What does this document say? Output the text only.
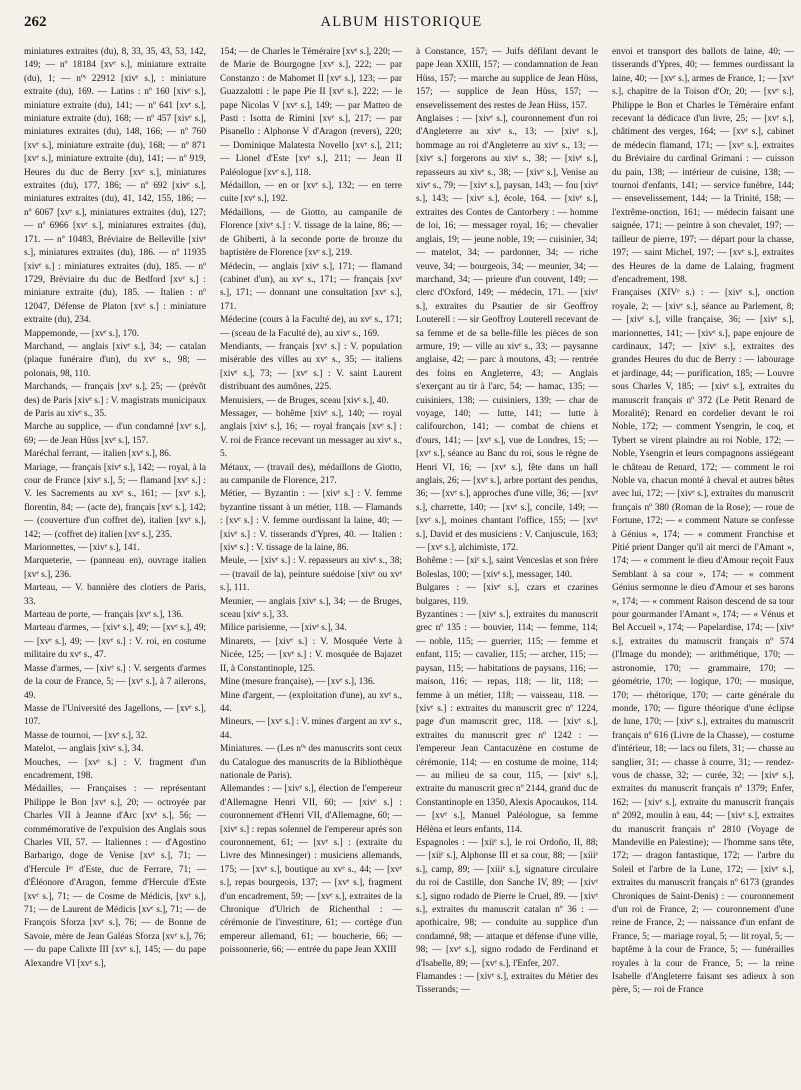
262	ALBUM HISTORIQUE

miniatures extraites (du), 8, 33, 35, 43, 53, 142, 149; — nº 18184 [xvᵉ s.], miniature extraite (du), 1; — nºˢ 22912 [xivᵉ s.], : miniature extraite (du), 169. — Latins : nº 160 [xivᵉ s.], miniature extraite (du), 141; — nº 641 [xvᵉ s.], miniature extraite (du), 168; — nº 457 [xivᵉ s.], miniatures extraites (du), 148, 166; — nº 760 [xvᵉ s.], miniature extraite (du), 168; — nº 871 [xvᵉ s.], miniature extraite (du), 141; — nº 919, Heures du duc de Berry [xvᵉ s.], miniatures extraites (du), 177, 186; — nº 692 [xivᵉ s.], miniatures extraites (du), 41, 142, 155, 186; — nº 6067 [xvᵉ s.], miniatures extraites (du), 127; — nº 6966 [xvᵉ s.], miniatures extraites (du), 171. — nº 10483, Bréviaire de Belleville [xivᵉ s.], miniatures extraites (du), 186. — nº 11935 [xivᵉ s.] : miniatures extraites (du), 185. — nº 1729, Bréviaire du duc de Bedford [xvᵉ s.] : miniature extraite (du), 185. — Italien : nº 12047, Défense de Platon [xvᵉ s.] : miniature extraite (du), 234.

Mappemonde, — [xvᵉ s.], 170.

Marchand, — anglais [xivᵉ s.], 34; — catalan (plaque funéraire d'un), du xvᵉ s., 98; — polonais, 98, 110.

Marchands, — français [xvᵉ s.], 25; — (prévôt des) de Paris [xivᵉ s.] : V. magistrats municipaux de Paris au xivᵉ s., 35.

Marche au supplice, — d'un condamné [xvᵉ s.], 69; — de Jean Hüss [xvᵉ s.], 157.

Maréchal ferrant, — italien [xvᵉ s.], 86.

Mariage, — français [xivᵉ s.], 142; — royal, à la cour de France [xivᵉ s.], 5; — flamand [xvᵉ s.] : V. les Sacrements au xvᵉ s., 161; — [xvᵉ s.], florentin, 84; — (acte de), français [xvᵉ s.], 142; — (couverture d'un coffret de), italien [xvᵉ s.], 142; — (coffret de) italien [xvᵉ s.], 235.

Marionnettes, — [xivᵉ s.], 141.

Marqueterie, — (panneau en), ouvrage italien [xvᵉ s.], 236.

Marteau, — V. bannière des clotiers de Paris, 33.

Marteau de porte, — français [xvᵉ s.], 136.

Marteau d'armes, — [xivᵉ s.], 49; — [xvᵉ s.], 49; — [xvᵉ s.], 49; — [xvᵉ s.] : V. roi, en costume militaire du xvᵉ s., 47.

Masse d'armes, — [xivᵉ s.] : V. sergents d'armes de la cour de France, 5; — [xvᵉ s.], à 7 ailerons, 49.

Masse de l'Université des Jagellons, — [xvᵉ s.], 107.

Masse de tournoi, — [xvᵉ s.], 32.

Matelot, — anglais [xivᵉ s.], 34.

Mouches, — [xvᵉ s.] : V. fragment d'un encadrement, 198.

Médailles, — Françaises : — représentant Philippe le Bon [xvᵉ s.], 20; — octroyée par Charles VII à Jeanne d'Arc [xvᵉ s.], 56; — commémorative de l'expulsion des Anglais sous Charles VII, 57. — Italiennes : — d'Agostino Barbarigo, doge de Venise [xvᵉ s.], 71; — d'Hercule Iᵉʳ d'Este, duc de Ferrare, 71; — d'Éléonore d'Aragon, femme d'Hercule d'Este [xvᵉ s.], 71; — de Cosme de Médicis, [xvᵉ s.], 71; — de Laurent de Médicis [xvᵉ s.], 71; — de François Sforza [xvᵉ s.], 76; — de Bonne de Savoie, mère de Jean Galéas Sforza [xvᵉ s.], 76; — du pape Calixte III [xvᵉ s.], 145; — du pape Alexandre VI [xvᵉ s.],

154; — de Charles le Téméraire [xvᵉ s.], 220; — de Marie de Bourgogne [xvᵉ s.], 222; — par Constanzo : de Mahomet II [xvᵉ s.], 123; — par Guazzalotti : le pape Pie II [xvᵉ s.], 222; — le pape Nicolas V [xvᵉ s.], 149; — par Matteo de Pasti : Isotta de Rimini [xvᵉ s.], 217; — par Pisanello : Alphonse V d'Aragon (revers), 220; — Dominique Malatesta Novello [xvᵉ s.], 211; — Lionel d'Este [xvᵉ s.], 211; — Jean II Paléologue [xvᵉ s.], 118.

Médaillon, — en or [xvᵉ s.], 132; — en terre cuite [xvᵉ s.], 192.

Médaillons, — de Giotto, au campanile de Florence [xivᵉ s.] : V. tissage de la laine, 86; — de Ghiberti, à la seconde porte de bronze du baptistère de Florence [xvᵉ s.], 219.

Médecin, — anglais [xivᵉ s.], 171; — flamand (cabinet d'un), au xvᵉ s., 171; — français [xvᵉ s.], 171; — donnant une consultation [xvᵉ s.], 171.

Médecine (cours à la Faculté de), au xvᵉ s., 171; — (sceau de la Faculté de), au xivᵉ s., 169.

Mendiants, — français [xvᵉ s.] : V. population misérable des villes au xvᵉ s., 35; — italiens [xivᵉ s.], 73; — [xvᵉ s.] : V. saint Laurent distribuant des aumônes, 225.

Menuisiers, — de Bruges, sceau [xivᵉ s.], 40.

Messager, — bohême [xivᵉ s.], 140; — royal anglais [xivᵉ s.], 16; — royal français [xvᵉ s.] : V. roi de France recevant un messager au xivᵉ s., 5.

Métaux, — (travail des), médaillons de Giotto, au campanile de Florence, 217.

Métier, — Byzantin : — [xivᵉ s.] : V. femme byzantine tissant à un métier, 118. — Flamands : [xvᵉ s.] : V. femme ourdissant la laine, 40; — [xivᵉ s.] : V. tisserands d'Ypres, 40. — Italien : [xivᵉ s.] : V. tissage de la laine, 86.

Meule, — [xivᵉ s.] : V. repasseurs au xivᵉ s., 38; — (travail de la), peinture suédoise [xivᵉ ou xvᵉ s.], 111.

Meunier, — anglais [xivᵉ s.], 34; — de Bruges, sceau [xivᵉ s.], 33.

Milice parisienne, — [xivᵉ s.], 34.

Minarets, — [xivᵉ s.] : V. Mosquée Verte à Nicée, 125; — [xvᵉ s.] : V. mosquée de Bajazet II, à Constantinople, 125.

Mine (mesure française), — [xvᵉ s.], 136.

Mine d'argent, — (exploitation d'une), au xvᵉ s., 44.

Mineurs, — [xvᵉ s.] : V. mines d'argent au xvᵉ s., 44.

Miniatures. — (Les nºˢ des manuscrits sont ceux du Catalogue des manuscrits de la Bibliothèque nationale de Paris).

Allemandes : — [xivᵉ s.], élection de l'empereur d'Allemagne Henri VII, 60; — [xivᵉ s.] : couronnement d'Henri VII, d'Allemagne, 60; — [xivᵉ s.] : repas solennel de l'empereur après son couronnement, 61; — [xvᵉ s.] : (extraite du Livre des Minnesinger) : musiciens allemands, 175; — [xvᵉ s.], boutique au xvᵉ s., 44; — [xvᵉ s.], repas bourgeois, 137; — [xvᵉ s.], fragment d'un encadrement, 59; — [xvᵉ s.], extraites de la Chronique d'Ulrich de Richenthal : — cérémonie de l'investiture, 61; — cortège d'un empereur allemand, 61; — boucherie, 66; — poissonnerie, 66; — entrée du pape Jean XXIII

à Constance, 157; — Juifs défilant devant le pape Jean XXIII, 157; — condamnation de Jean Hüss, 157; — marche au supplice de Jean Hüss, 157; — supplice de Jean Hüss, 157; — ensevelissement des restes de Jean Hüss, 157.

Anglaises : — [xivᵉ s.], couronnement d'un roi d'Angleterre au xivᵉ s., 13; — [xivᵉ s.], hommage au roi d'Angleterre au xivᵉ s., 13; — [xivᵉ s.] forgerons au xivᵉ s., 38; — [xivᵉ s.], repasseurs au xivᵉ s., 38; — [xivᵉ s.], Venise au xivᵉ s., 79; — [xivᵉ s.], paysan, 143; — fou [xivᵉ s.], 143; — [xivᵉ s.], école, 164. — [xivᵉ s.], extraites des Contes de Cantorbery : — homme de loi, 16; — messager royal, 16; — chevalier anglais, 19; — jeune noble, 19; — cuisinier, 34; — matelot, 34; — pardonner, 34; — riche veuve, 34; — bourgeois, 34; — meunier, 34; — marchand, 34; — prieure d'un couvent, 149; — clerc d'Oxford, 149; — médecin, 171. — [xivᵉ s.], extraites du Psautier de sir Geoffroy Louterell : — sir Geoffroy Louterell recevant de sa femme et de sa belle-fille les pièces de son armure, 19; — ville au xivᵉ s., 33; — paysanne anglaise, 42; — parc à moutons, 43; — rentrée des foins en Angleterre, 43; — Anglais s'exerçant au tir à l'arc, 54; — hamac, 135; — cuisiniers, 138; — cuisiniers, 139; — char de voyage, 140; — lutte, 141; — lutte à califourchon, 141; — combat de chiens et d'ours, 141; — [xvᵉ s.], vue de Londres, 15; — [xvᵉ s.], séance au Banc du roi, sous le règne de Henri VI, 16; — [xvᵉ s.], fête dans un hall anglais, 26; — [xvᵉ s.], arbre portant des pendus, 36; — [xvᵉ s.], approches d'une ville, 36; — [xvᵉ s.], charrette, 140; — [xvᵉ s.], concile, 149; — [xvᵉ s.], moines chantant l'office, 155; — [xvᵉ s.], David et des musiciens : V. Canjuscule, 163; — [xvᵉ s.], alchimiste, 172.

Bohême : — [xiᵉ s.], saint Venceslas et son frère Boleslas, 100; — [xivᵉ s.], messager, 140.

Bulgares : — [xivᵉ s.], czars et czarines bulgares, 119.

Byzantines : — [xivᵉ s.], extraites du manuscrit grec nº 135 : — bouvier, 114; — femme, 114; — noble, 115; — guerrier, 115; — femme et enfant, 115; — cavalier, 115; — archer, 115; — paysan, 115; — habitations de paysans, 116; — maison, 116; — repas, 118; — lit, 118; — femme à un métier, 118; — vaisseau, 118. — [xivᵉ s.] : extraites du manuscrit grec nº 1224, page d'un manuscrit grec, 118. — [xivᵉ s.], extraites du manuscrit grec nº 1242 : — l'empereur Jean Cantacuzène en costume de cérémonie, 114; — en costume de moine, 114; — au milieu de sa cour, 115, — [xivᵉ s.], extraite du manuscrit grec nº 2144, grand duc de Constantinople en 1350, Alexis Apocaukos, 114. — [xvᵉ s.], Manuel Paléologue, sa femme Hélèna et leurs enfants, 114.

Espagnoles : — [xiiᵉ s.], le roi Ordoño, II, 88; — [xiiᵉ s.], Alphonse III et sa cour, 88; — [xiiiᵉ s.], camp, 89; — [xiiiᵉ s.], signature circulaire du roi de Castille, don Sanche IV, 89; — [xivᵉ s.], signo rodado de Pierre le Cruel, 89. — [xivᵉ s.], extraites du manuscrit catalan nº 36 : — apothicaire, 98; — conduite au supplice d'un condamné, 98; — attaque et défense d'une ville, 98; — [xvᵉ s.], signo rodado de Ferdinand et d'Isabelle, 89; — [xvᵉ s.], l'Enfer, 207.

Flamandes : — [xivᵉ s.], extraites du Métier des Tisserands; —

envoi et transport des ballots de laine, 40; — tisserands d'Ypres, 40; — femmes ourdissant la laine, 40; — [xvᵉ s.], armes de France, 1; — [xvᵉ s.], chapitre de la Toison d'Or, 20; — [xvᵉ s.], Philippe le Bon et Charles le Téméraire enfant recevant la dédicace d'un livre, 25; — [xvᵉ s.], châtiment des verges, 164; — [xvᵉ s.], cabinet de médecin flamand, 171; — [xvᵉ s.], extraites du Bréviaire du cardinal Grimani : — cuisson du pain, 138; — intérieur de cuisine, 138; — tournoi d'enfants, 141; — service funèbre, 144; — ensevelissement, 144; — la Trinité, 158; — l'extrême-onction, 161; — médecin faisant une saignée, 171; — peintre à son chevalet, 197; — tailleur de pierre, 197; — départ pour la chasse, 197; — saint Michel, 197; — [xvᵉ s.], extraites des Heures de la dame de Lalaing, fragment d'encadrement, 198.

Françaises (XIVᵉ s.) : — [xivᵉ s.], onction royale, 2; — [xivᵉ s.], séance au Parlement, 8; — [xivᵉ s.], ville française, 36; — [xivᵉ s.], marionnettes, 141; — [xivᵉ s.], pape enjoure de cardinaux, 147; — [xivᵉ s.], extraites des grandes Heures du duc de Berry : — labourage et jardinage, 44; — purification, 185; — Louvre sous Charles V, 185; — [xivᵉ s.], extraites du manuscrit français nº 372 (Le Petit Renard de Moralité); Renard en cordelier devant le roi Noble, 172; — comment Ysengrin, le coq, et Tybert se virent plaindre au roi Noble, 172; — Noble, Ysengrin et leurs compagnons assiégeant le château de Renard, 172; — comment le roi Noble va, chacun monté à cheval et autres bêtes avec lui, 172; — [xivᵉ s.], extraites du manuscrit français nº 380 (Roman de la Rose); — roue de Fortune, 172; — « comment Nature se confesse à Génius », 174; — « comment Franchise et Pitié prient Danger qu'il ait merci de l'Amant », 174; — « comment le dieu d'Amour reçoit Faux Semblant à sa cour », 174; — « comment Génius sermonne le dieu d'Amour et ses barons », 174; — « comment Raison descend de sa tour pour gourmander l'Amant », 174; — « Vénus et Bel Accueil », 174; — Papelardise, 174; — [xivᵉ s.], extraites du manuscrit français nº 574 (l'Image du monde); — arithmétique, 170; — astronomie, 170; — grammaire, 170; — géométrie, 170; — logique, 170; — musique, 170; — rhétorique, 170; — carte générale du monde, 170; — figure théorique d'une éclipse de lune, 170; — [xivᵉ s.], extraites du manuscrit français nº 616 (Livre de la Chasse), — costume d'intérieur, 18; — lacs ou filets, 31; — chasse au sanglier, 31; — chasse à courre, 31; — rendez-vous de chasse, 32; — curée, 32; — [xivᵉ s.], extraites du manuscrit français nº 1379; Enfer, 162; — [xivᵉ s.], extraite du manuscrit français nº 2092, moulin à eau, 44; — [xivᵉ s.], extraites du manuscrit français nº 2810 (Voyage de Mandeville en Palestine); — l'homme sans tête, 172; — dragon fantastique, 172; — l'arbre du Soleil et l'arbre de la Lune, 172; — [xivᵉ s.], extraites du manuscrit français nº 6173 (grandes Chroniques de Saint-Denis) : — couronnement d'un roi de France, 2; — couronnement d'une reine de France, 2; — naissance d'un enfant de France, 5; — mariage royal, 5; — lit royal, 5; — baptême à la cour de France, 5; — funérailles royales à la cour de France, 5; — la reine Isabelle d'Angleterre faisant ses adieux à son père, 5; — roi de France
